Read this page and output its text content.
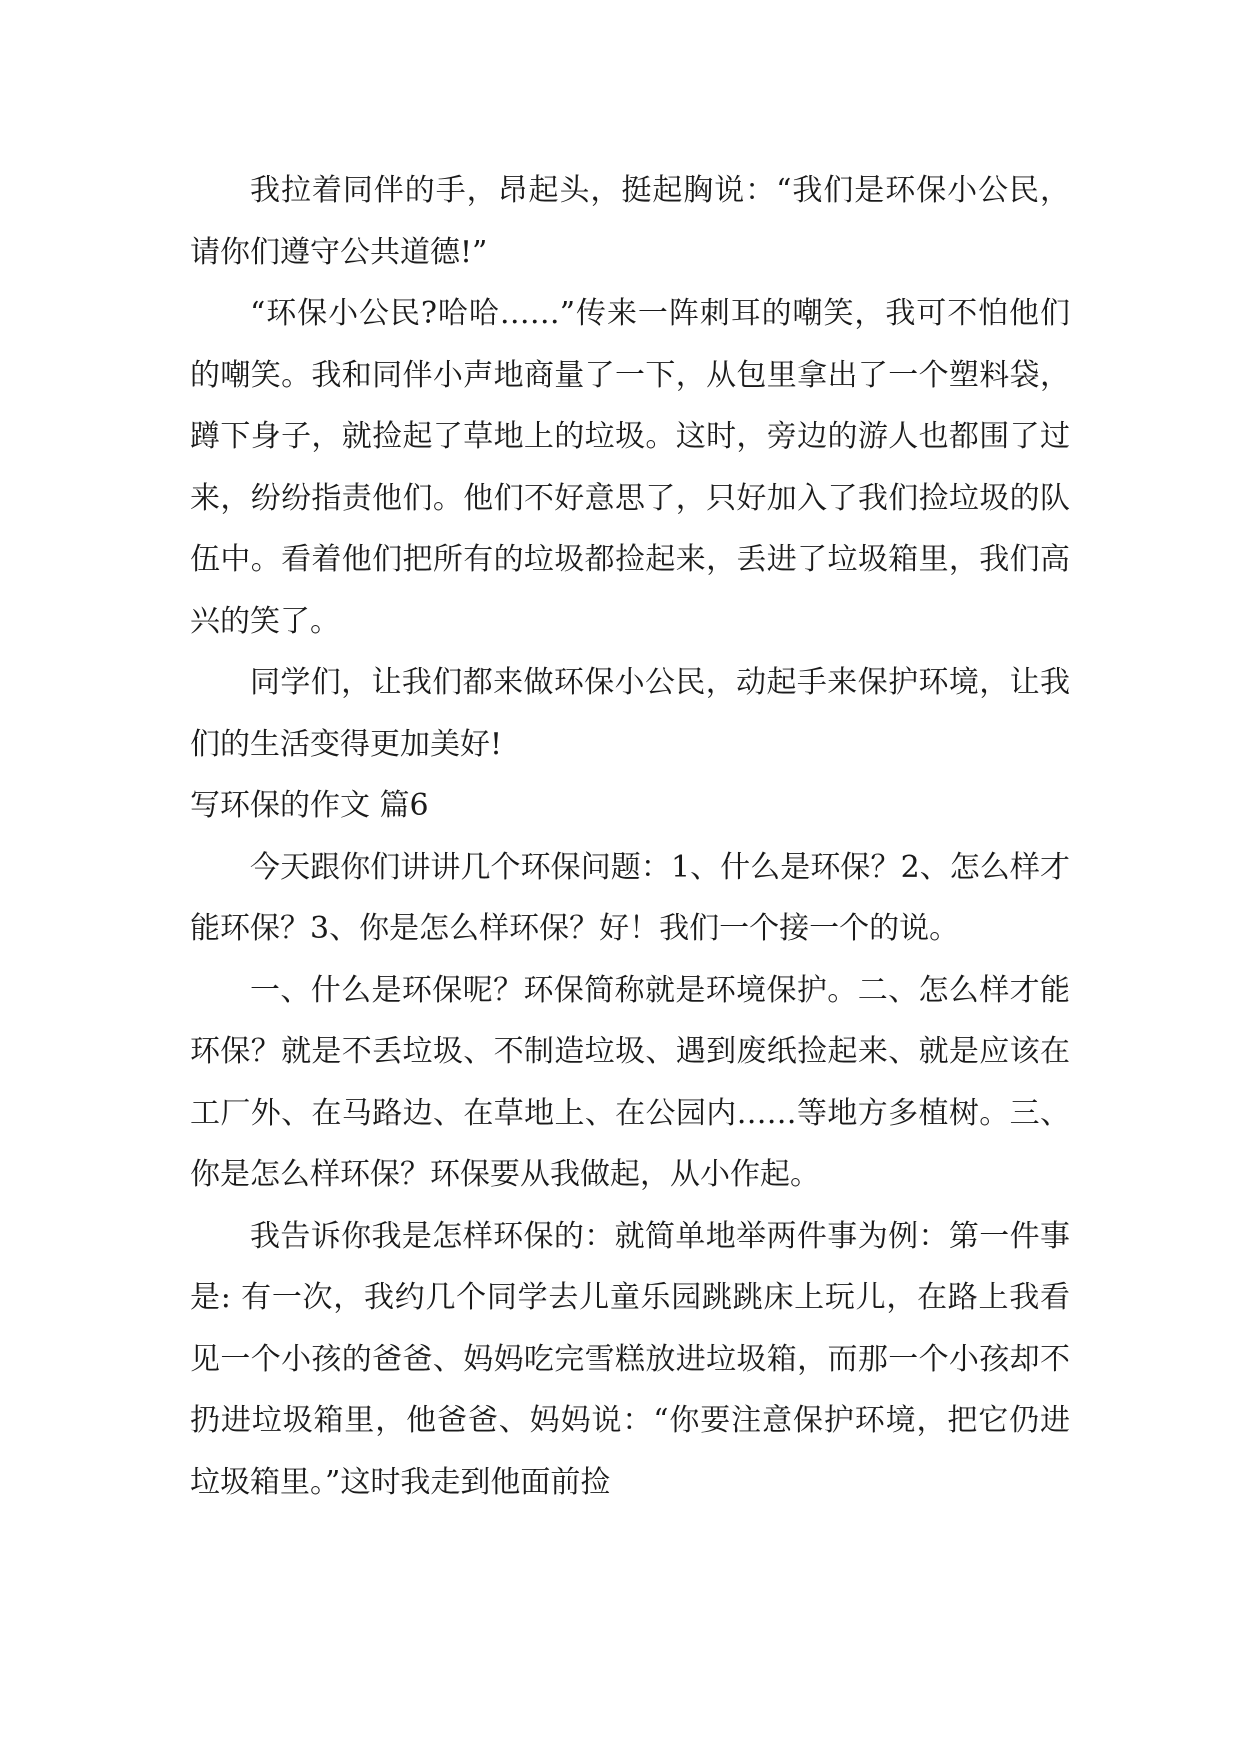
我拉着同伴的手，昂起头，挺起胸说：“我们是环保小公民，请你们遵守公共道德!”

“环保小公民?哈哈……”传来一阵刺耳的嘲笑，我可不怕他们的嘲笑。我和同伴小声地商量了一下，从包里拿出了一个塑料袋，蹲下身子，就捡起了草地上的垃圾。这时，旁边的游人也都围了过来，纷纷指责他们。他们不好意思了，只好加入了我们捡垃圾的队伍中。看着他们把所有的垃圾都捡起来，丢进了垃圾箱里，我们高兴的笑了。

同学们，让我们都来做环保小公民，动起手来保护环境，让我们的生活变得更加美好!

写环保的作文 篇6

今天跟你们讲讲几个环保问题：1、什么是环保？2、怎么样才能环保？3、你是怎么样环保？好！我们一个接一个的说。

一、什么是环保呢？环保简称就是环境保护。二、怎么样才能环保？就是不丢垃圾、不制造垃圾、遇到废纸捡起来、就是应该在工厂外、在马路边、在草地上、在公园内……等地方多植树。三、你是怎么样环保？环保要从我做起，从小作起。

我告诉你我是怎样环保的：就简单地举两件事为例：第一件事是: 有一次，我约几个同学去儿童乐园跳跳床上玩儿，在路上我看见一个小孩的爸爸、妈妈吃完雪糕放进垃圾箱，而那一个小孩却不扔进垃圾箱里，他爸爸、妈妈说：“你要注意保护环境，把它仍进垃圾箱里。”这时我走到他面前捡
